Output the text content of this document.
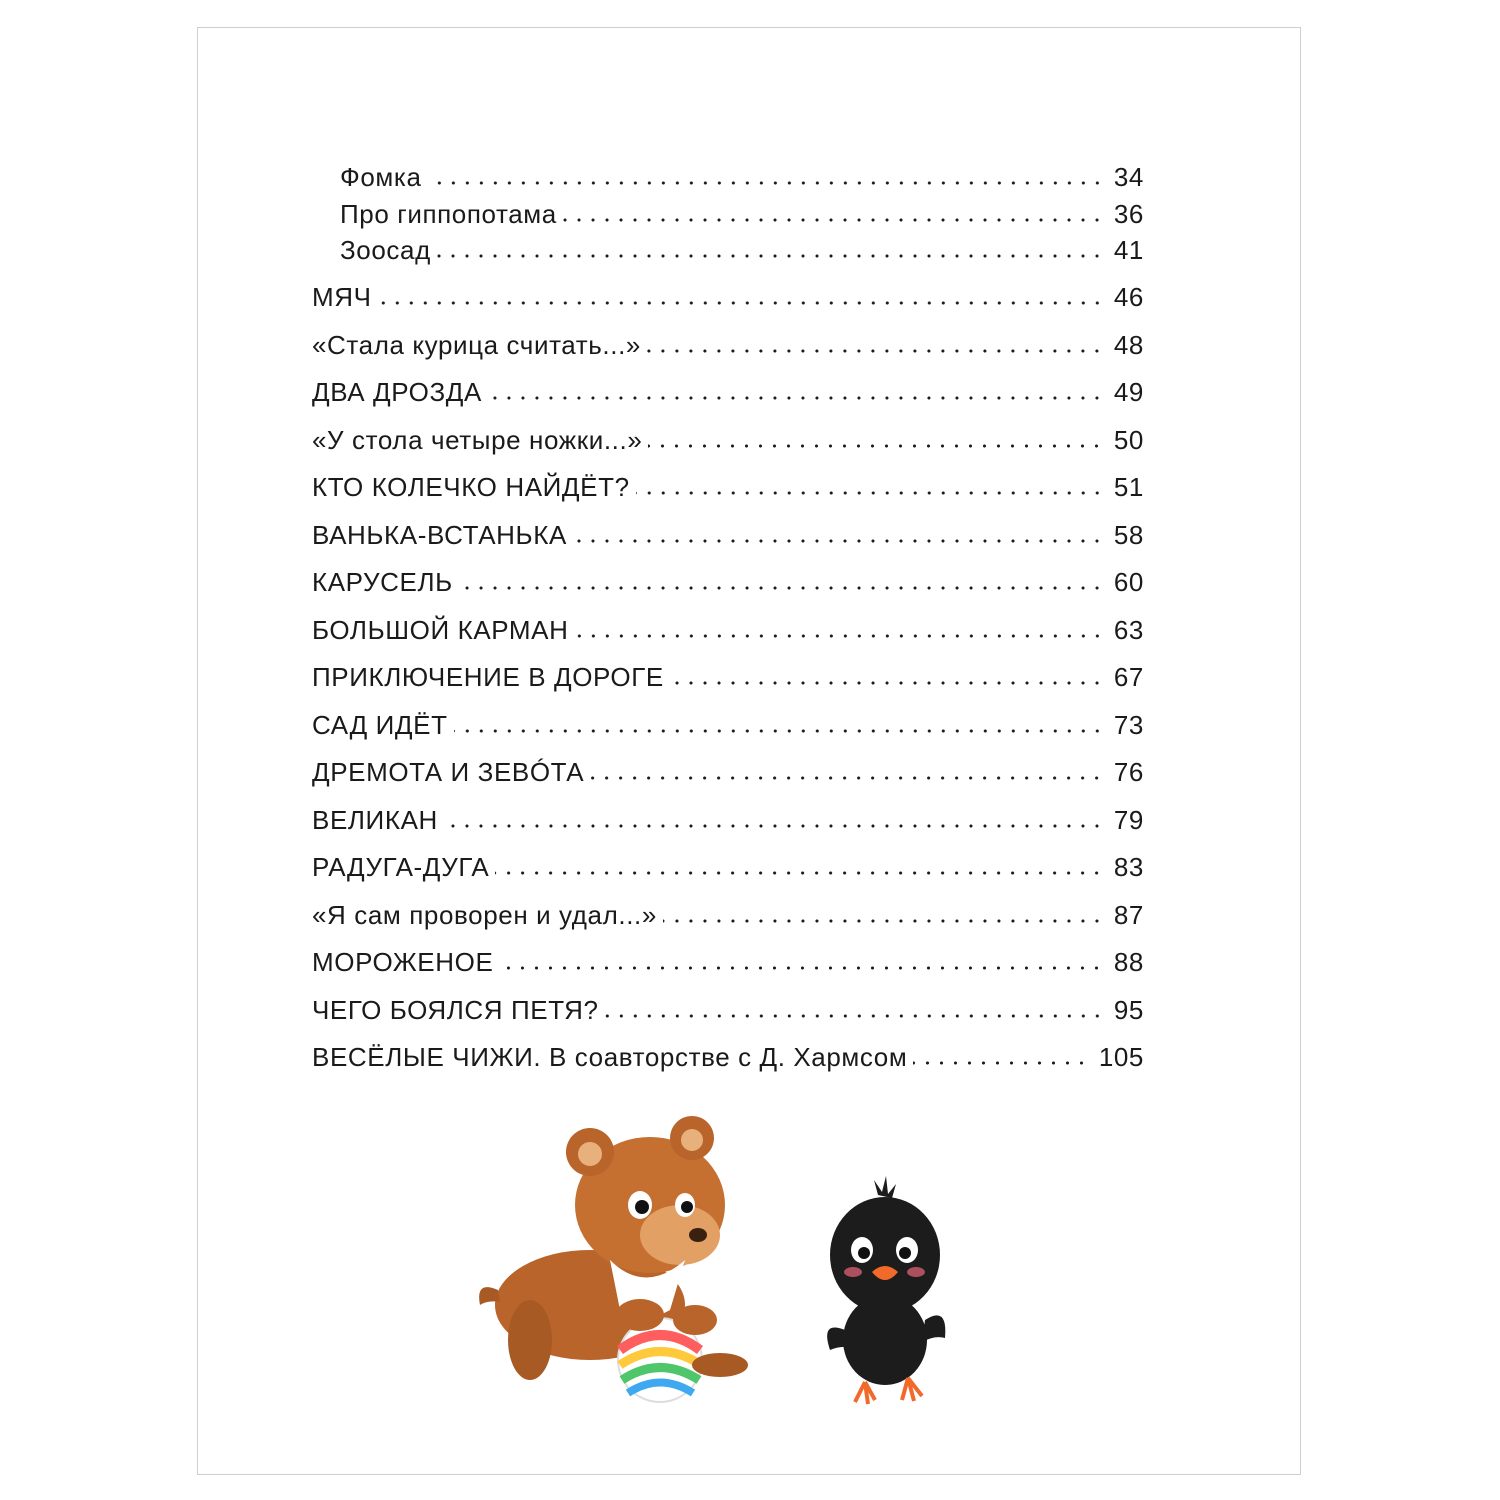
Фомка	34
Про гиппопотама	36
Зоосад	41
МЯЧ	46
«Стала курица считать...»	48
ДВА ДРОЗДА	49
«У стола четыре ножки...»	50
КТО КОЛЕЧКО НАЙДЁТ?	51
ВАНЬКА-ВСТАНЬКА	58
КАРУСЕЛЬ	60
БОЛЬШОЙ КАРМАН	63
ПРИКЛЮЧЕНИЕ В ДОРОГЕ	67
САД ИДЁТ	73
ДРЕМОТА И ЗЕВÓТА	76
ВЕЛИКАН	79
РАДУГА-ДУГА	83
«Я сам проворен и удал...»	87
МОРОЖЕНОЕ	88
ЧЕГО БОЯЛСЯ ПЕТЯ?	95
ВЕСЁЛЫЕ ЧИЖИ. В соавторстве с Д. Хармсом	105
